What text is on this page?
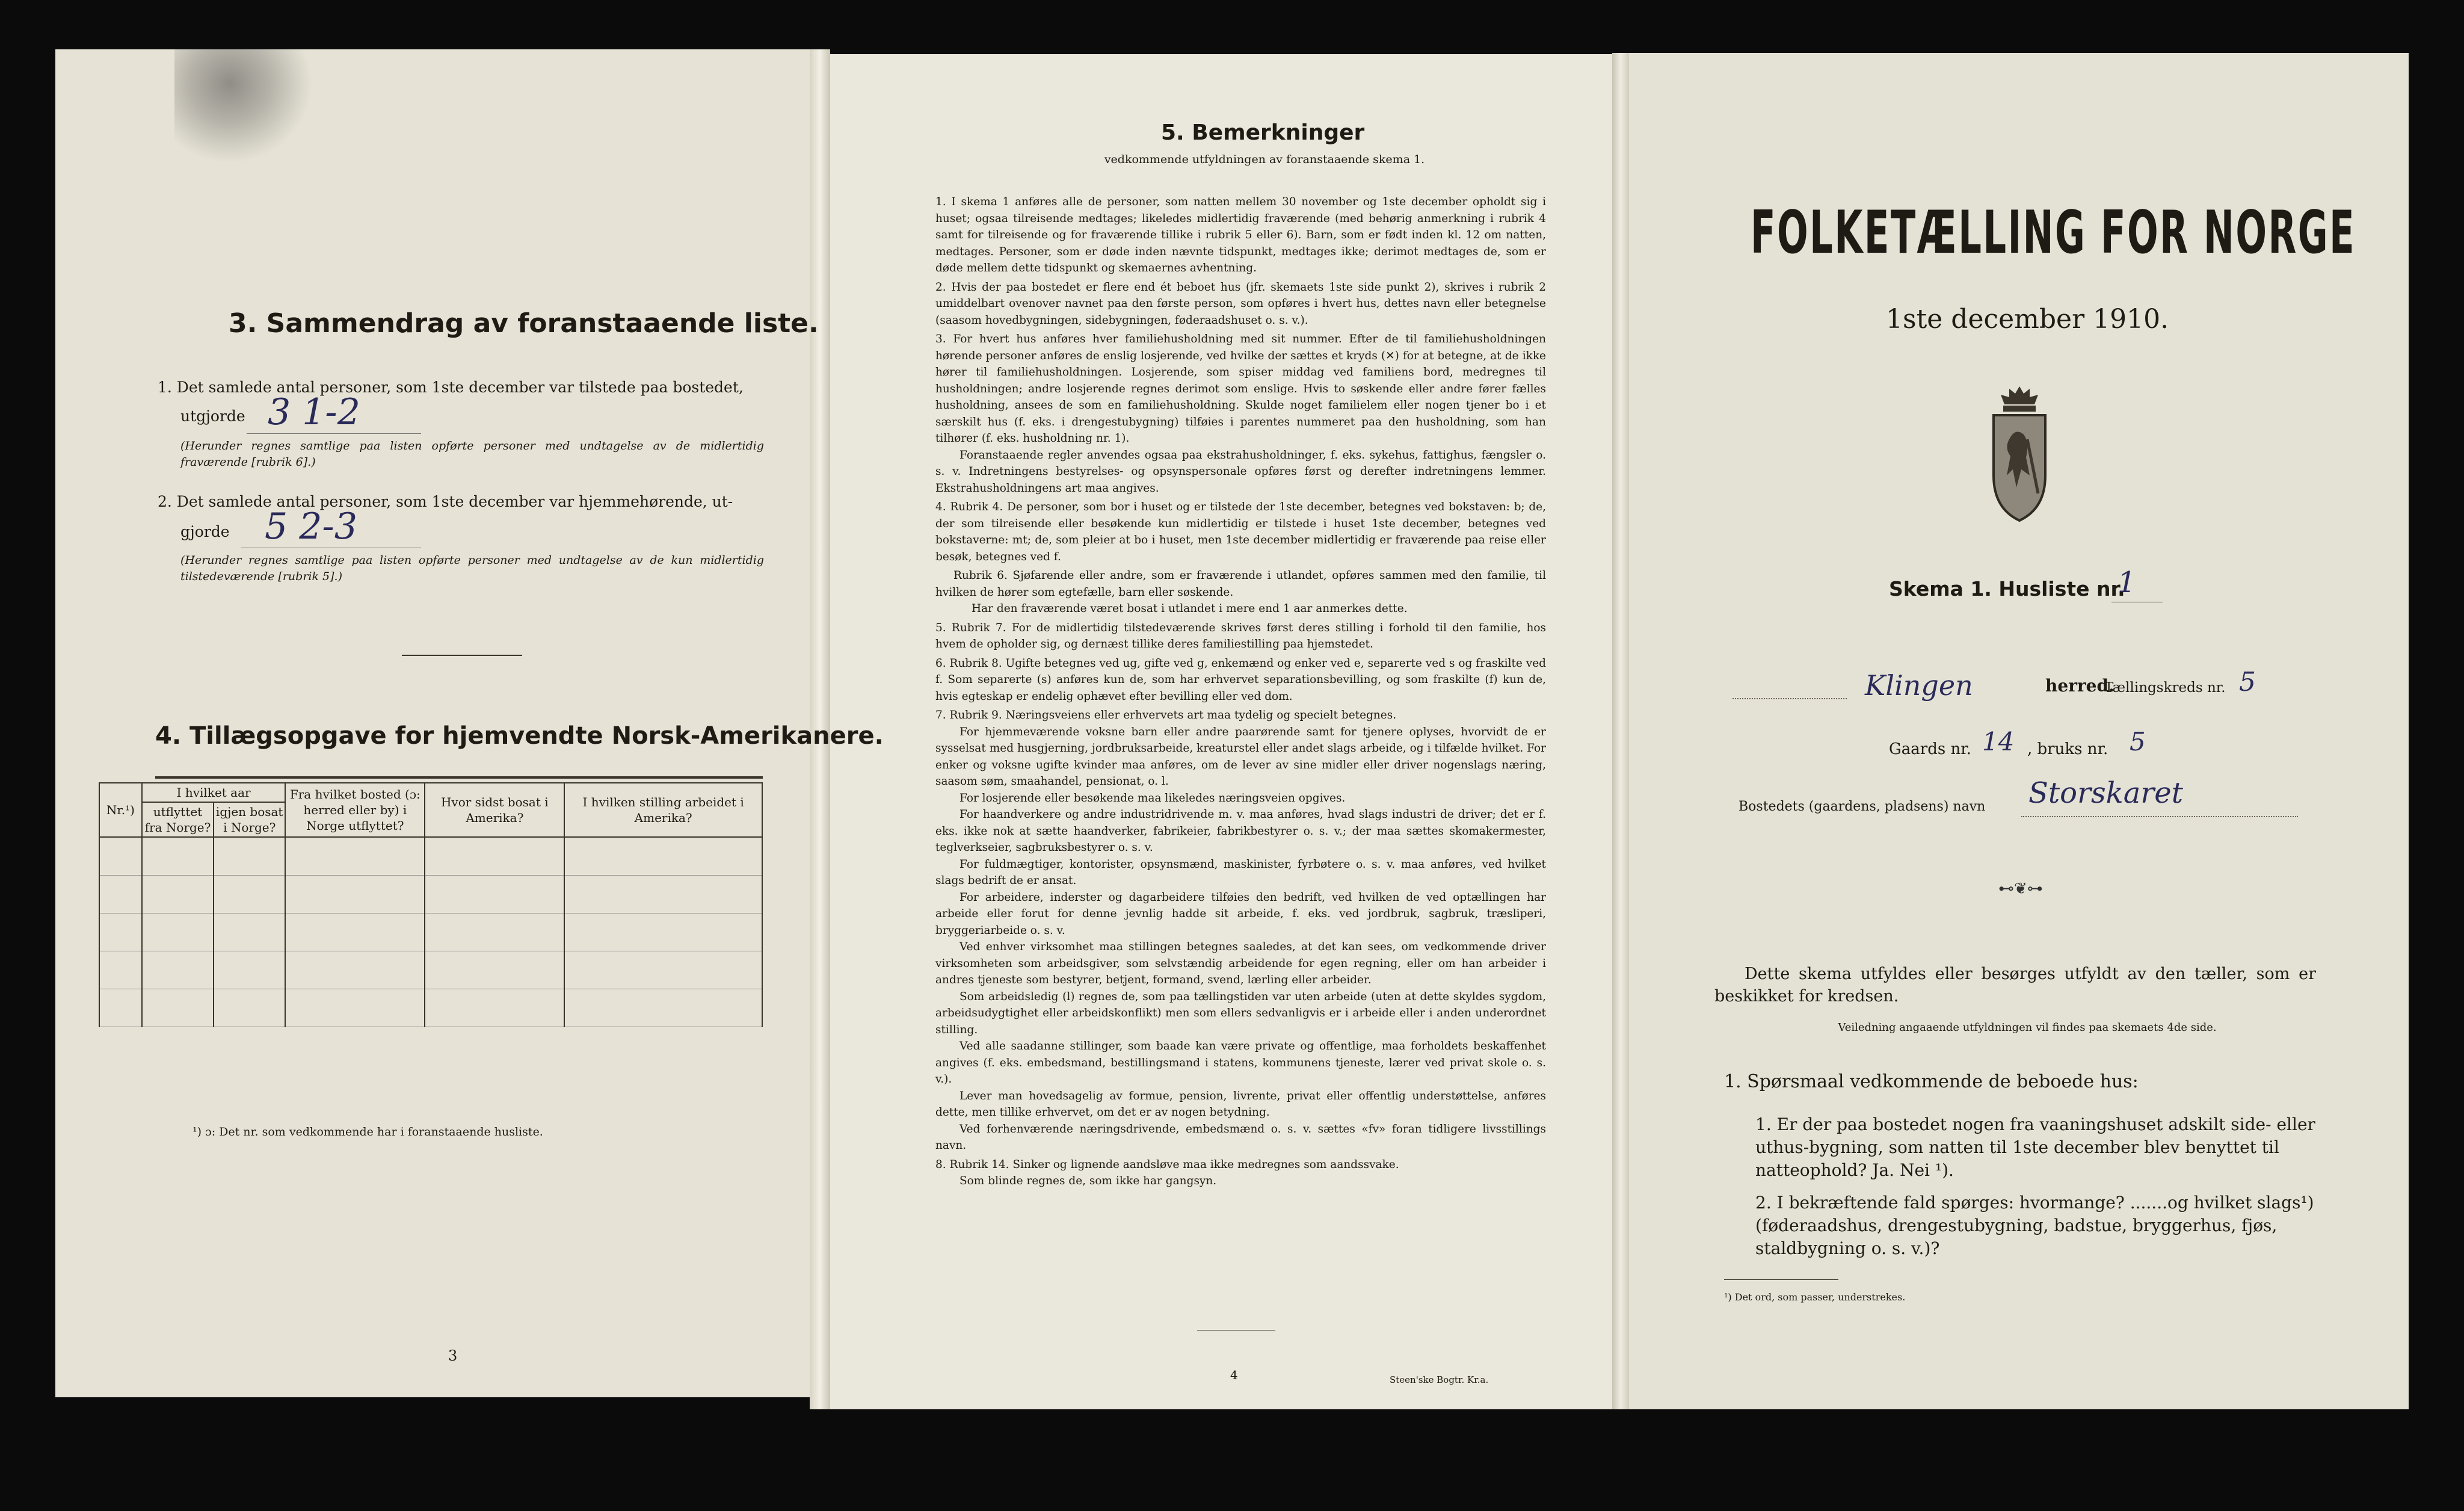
3. Sammendrag av foranstaaende liste.
1. Det samlede antal personer, som 1ste december var tilstede paa bostedet,
utgjorde 3 1-2
(Herunder regnes samtlige paa listen opførte personer med undtagelse av de midlertidig fraværende [rubrik 6].)
2. Det samlede antal personer, som 1ste december var hjemmehørende, ut-
gjorde 5 2-3
(Herunder regnes samtlige paa listen opførte personer med undtagelse av de kun midlertidig tilstedeværende [rubrik 5].)
4. Tillægsopgave for hjemvendte Norsk-Amerikanere.
Nr.¹)	I hvilket aar		Fra hvilket bosted (ɔ: herred eller by) i Norge utflyttet?	Hvor sidst bosat i Amerika?	I hvilken stilling arbeidet i Amerika?
	utflyttet fra Norge?	igjen bosat i Norge?			

¹) ɔ: Det nr. som vedkommende har i foranstaaende husliste.
3
5. Bemerkninger
vedkommende utfyldningen av foranstaaende skema 1.

1. I skema 1 anføres alle de personer, som natten mellem 30 november og 1ste december opholdt sig i huset; ogsaa tilreisende medtages; likeledes midlertidig fraværende (med behørig anmerkning i rubrik 4 samt for tilreisende og for fraværende tillike i rubrik 5 eller 6). Barn, som er født inden kl. 12 om natten, medtages. Personer, som er døde inden nævnte tidspunkt, medtages ikke; derimot medtages de, som er døde mellem dette tidspunkt og skemaernes avhentning.

2. Hvis der paa bostedet er flere end ét beboet hus (jfr. skemaets 1ste side punkt 2), skrives i rubrik 2 umiddelbart ovenover navnet paa den første person, som opføres i hvert hus, dettes navn eller betegnelse (saasom hovedbygningen, sidebygningen, føderaadshuset o. s. v.).

3. For hvert hus anføres hver familiehusholdning med sit nummer. Efter de til familiehusholdningen hørende personer anføres de enslig losjerende, ved hvilke der sættes et kryds (✕) for at betegne, at de ikke hører til familiehusholdningen. Losjerende, som spiser middag ved familiens bord, medregnes til husholdningen; andre losjerende regnes derimot som enslige. Hvis to søskende eller andre fører fælles husholdning, ansees de som en familiehusholdning. Skulde noget familielem eller nogen tjener bo i et særskilt hus (f. eks. i drengestubygning) tilføies i parentes nummeret paa den husholdning, som han tilhører (f. eks. husholdning nr. 1).

Foranstaaende regler anvendes ogsaa paa ekstrahusholdninger, f. eks. sykehus, fattighus, fængsler o. s. v. Indretningens bestyrelses- og opsynspersonale opføres først og derefter indretningens lemmer. Ekstrahusholdningens art maa angives.

4. Rubrik 4. De personer, som bor i huset og er tilstede der 1ste december, betegnes ved bokstaven: b; de, der som tilreisende eller besøkende kun midlertidig er tilstede i huset 1ste december, betegnes ved bokstaverne: mt; de, som pleier at bo i huset, men 1ste december midlertidig er fraværende paa reise eller besøk, betegnes ved f.

Rubrik 6. Sjøfarende eller andre, som er fraværende i utlandet, opføres sammen med den familie, til hvilken de hører som egtefælle, barn eller søskende.

Har den fraværende været bosat i utlandet i mere end 1 aar anmerkes dette.

5. Rubrik 7. For de midlertidig tilstedeværende skrives først deres stilling i forhold til den familie, hos hvem de opholder sig, og dernæst tillike deres familiestilling paa hjemstedet.

6. Rubrik 8. Ugifte betegnes ved ug, gifte ved g, enkemænd og enker ved e, separerte ved s og fraskilte ved f. Som separerte (s) anføres kun de, som har erhvervet separationsbevilling, og som fraskilte (f) kun de, hvis egteskap er endelig ophævet efter bevilling eller ved dom.

7. Rubrik 9. Næringsveiens eller erhvervets art maa tydelig og specielt betegnes.

For hjemmeværende voksne barn eller andre paarørende samt for tjenere oplyses, hvorvidt de er sysselsat med husgjerning, jordbruksarbeide, kreaturstel eller andet slags arbeide, og i tilfælde hvilket. For enker og voksne ugifte kvinder maa anføres, om de lever av sine midler eller driver nogenslags næring, saasom søm, smaahandel, pensionat, o. l.

For losjerende eller besøkende maa likeledes næringsveien opgives.

For haandverkere og andre industridrivende m. v. maa anføres, hvad slags industri de driver; det er f. eks. ikke nok at sætte haandverker, fabrikeier, fabrikbestyrer o. s. v.; der maa sættes skomakermester, teglverkseier, sagbruksbestyrer o. s. v.

For fuldmægtiger, kontorister, opsynsmænd, maskinister, fyrbøtere o. s. v. maa anføres, ved hvilket slags bedrift de er ansat.

For arbeidere, inderster og dagarbeidere tilføies den bedrift, ved hvilken de ved optællingen har arbeide eller forut for denne jevnlig hadde sit arbeide, f. eks. ved jordbruk, sagbruk, træsliperi, bryggeriarbeide o. s. v.

Ved enhver virksomhet maa stillingen betegnes saaledes, at det kan sees, om vedkommende driver virksomheten som arbeidsgiver, som selvstændig arbeidende for egen regning, eller om han arbeider i andres tjeneste som bestyrer, betjent, formand, svend, lærling eller arbeider.

Som arbeidsledig (l) regnes de, som paa tællingstiden var uten arbeide (uten at dette skyldes sygdom, arbeidsudygtighet eller arbeidskonflikt) men som ellers sedvanligvis er i arbeide eller i anden underordnet stilling.

Ved alle saadanne stillinger, som baade kan være private og offentlige, maa forholdets beskaffenhet angives (f. eks. embedsmand, bestillingsmand i statens, kommunens tjeneste, lærer ved privat skole o. s. v.).

Lever man hovedsagelig av formue, pension, livrente, privat eller offentlig understøttelse, anføres dette, men tillike erhvervet, om det er av nogen betydning.

Ved forhenværende næringsdrivende, embedsmænd o. s. v. sættes «fv» foran tidligere livsstillings navn.

8. Rubrik 14. Sinker og lignende aandsløve maa ikke medregnes som aandssvake.

Som blinde regnes de, som ikke har gangsyn.

4	Steen'ske Bogtr. Kr.a.
FOLKETÆLLING FOR NORGE
1ste december 1910.
Skema 1. Husliste nr.
1
Klingen	herred.
Tællingskreds nr. 5
Gaards nr. 14 , bruks nr. 5
Bostedets (gaardens, pladsens) navn Storskaret
⊷❦⊶
Dette skema utfyldes eller besørges utfyldt av den tæller, som er beskikket for kredsen.
Veiledning angaaende utfyldningen vil findes paa skemaets 4de side.
1. Spørsmaal vedkommende de beboede hus:
1. Er der paa bostedet nogen fra vaaningshuset adskilt side- eller uthus-bygning, som natten til 1ste december blev benyttet til natteophold? Ja. Nei ¹).
2. I bekræftende fald spørges: hvormange? .......og hvilket slags¹) (føderaadshus, drengestubygning, badstue, bryggerhus, fjøs, staldbygning o. s. v.)?
¹) Det ord, som passer, understrekes.
